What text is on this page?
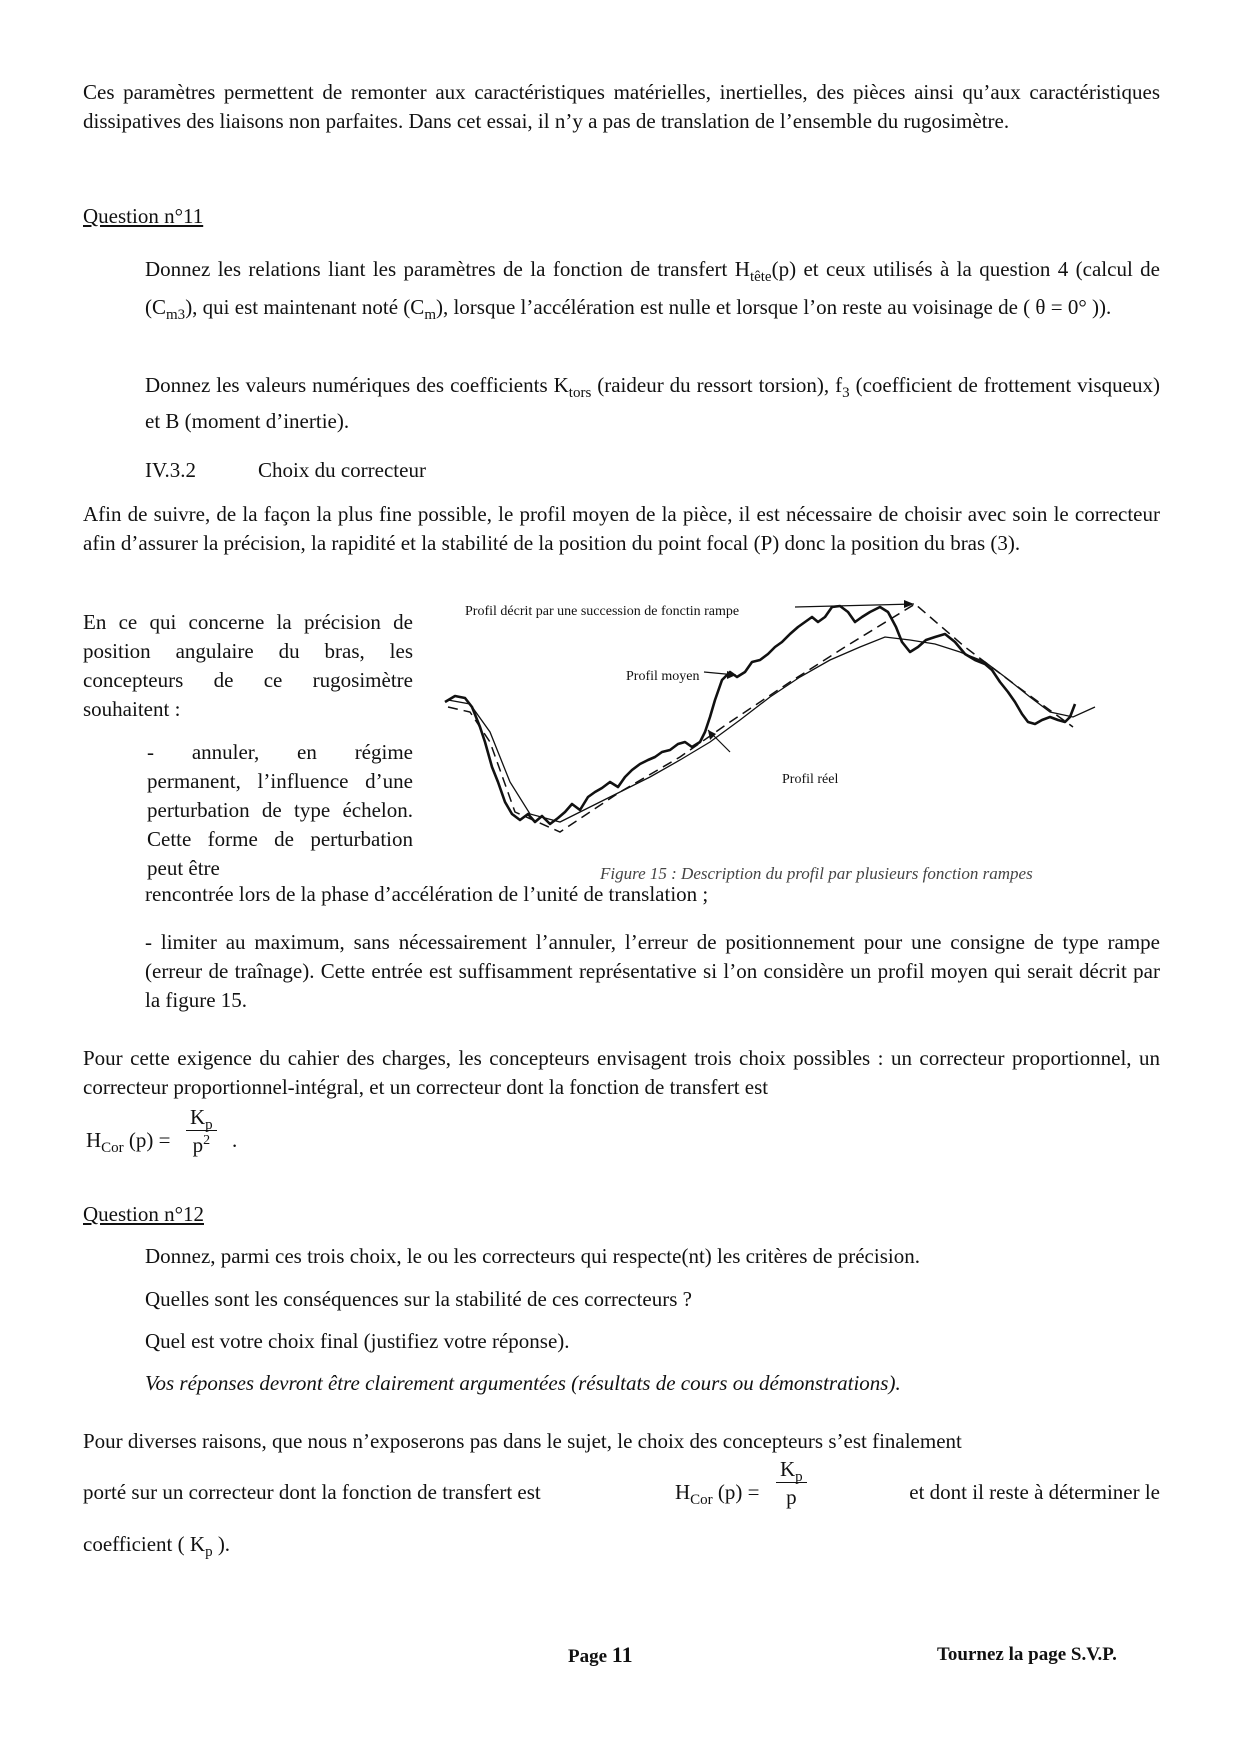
Ces paramètres permettent de remonter aux caractéristiques matérielles, inertielles, des pièces ainsi qu’aux caractéristiques dissipatives des liaisons non parfaites. Dans cet essai, il n’y a pas de translation de l’ensemble du rugosimètre.

Question n°11

Donnez les relations liant les paramètres de la fonction de transfert $H_{tête}(p)$ et ceux utilisés à la question 4 (calcul de $(C_{m3})$, qui est maintenant noté $(C_m)$, lorsque l’accélération est nulle et lorsque l’on reste au voisinage de ( θ = 0° )).

Donnez les valeurs numériques des coefficients $K_{tors}$ (raideur du ressort torsion), $f_3$ (coefficient de frottement visqueux) et B (moment d’inertie).

IV.3.2	Choix du correcteur

Afin de suivre, de la façon la plus fine possible, le profil moyen de la pièce, il est nécessaire de choisir avec soin le correcteur afin d’assurer la précision, la rapidité et la stabilité de la position du point focal (P) donc la position du bras (3).

En ce qui concerne la précision de position angulaire du bras, les concepteurs de ce rugosimètre souhaitent :

- annuler, en régime permanent, l’influence d’une perturbation de type échelon. Cette forme de perturbation peut être

rencontrée lors de la phase d’accélération de l’unité de translation ;

Profil décrit par une succession de fonctin rampe
Profil moyen
Profil réel
Figure 15 : Description du profil par plusieurs fonction rampes

- limiter au maximum, sans nécessairement l’annuler, l’erreur de positionnement pour une consigne de type rampe (erreur de traînage). Cette entrée est suffisamment représentative si l’on considère un profil moyen qui serait décrit par la figure 15.

Pour cette exigence du cahier des charges, les concepteurs envisagent trois choix possibles : un correcteur proportionnel, un correcteur proportionnel-intégral, et un correcteur dont la fonction de transfert est

$H_{Cor}$ $(p) = \frac{K_p}{p^2}$ .
Question n°12
Donnez, parmi ces trois choix, le ou les correcteurs qui respecte(nt) les critères de précision.
Quelles sont les conséquences sur la stabilité de ces correcteurs ?
Quel est votre choix final (justifiez votre réponse).
Vos réponses devront être clairement argumentées (résultats de cours ou démonstrations).
Pour diverses raisons, que nous n’exposerons pas dans le sujet, le choix des concepteurs s’est finalement
porté sur un correcteur dont la fonction de transfert est	$H_{Cor}$ $(p) = \frac{K_p}{p}$	et dont il reste à déterminer le
coefficient ( $K_p$ ).
Page 11	Tournez la page S.V.P.
